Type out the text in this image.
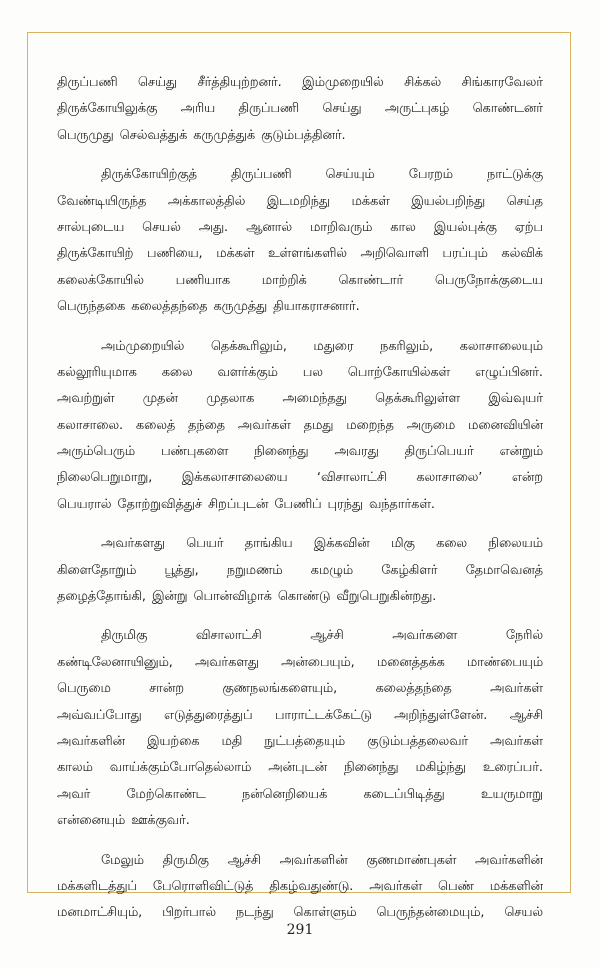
திருப்பணி செய்து சீர்த்தியுற்றனர். இம்முறையில் சிக்கல் சிங்காரவேலர்
திருக்கோயிலுக்கு அரிய திருப்பணி செய்து அருட்புகழ் கொண்டனர்
பெருமுது செல்வத்துக் கருமுத்துக் குடும்பத்தினர்.
திருக்கோயிற்குத்	திருப்பணி	செய்யும்	பேரறம்	நாட்டுக்கு
வேண்டியிருந்த அக்காலத்தில் இடமறிந்து மக்கள் இயல்பறிந்து செய்த
சால்புடைய செயல் அது. ஆனால் மாறிவரும் கால இயல்புக்கு ஏற்ப
திருக்கோயிற் பணியை, மக்கள் உள்ளங்களில் அறிவொளி பரப்பும் கல்விக்
கலைக்கோயில் பணியாக மாற்றிக் கொண்டார் பெருநோக்குடைய
பெருந்தகை கலைத்தந்தை கருமுத்து தியாகராசனார்.
அம்முறையில் தெக்கூரிலும், மதுரை நகரிலும், கலாசாலையும்
கல்லூரியுமாக கலை வளர்க்கும் பல பொற்கோயில்கள் எழுப்பினர்.
அவற்றுள் முதன் முதலாக அமைந்தது தெக்கூரிலுள்ள இவ்வுயர்
கலாசாலை. கலைத் தந்தை அவர்கள் தமது மறைந்த அருமை மனைவியின்
அரும்பெரும் பண்புகளை நினைந்து அவரது திருப்பெயர் என்றும்
நிலைபெறுமாறு, இக்கலாசாலையை ‘விசாலாட்சி கலாசாலை’ என்ற
பெயரால் தோற்றுவித்துச் சிறப்புடன் பேணிப் புரந்து வந்தார்கள்.
அவர்களது பெயர் தாங்கிய இக்கவின் மிகு கலை நிலையம்
கிளைதோறும் பூத்து, நறுமணம் கமழும் கேழ்கிளர் தேமாவெனத்
தழைத்தோங்கி, இன்று பொன்விழாக் கொண்டு வீறுபெறுகின்றது.
திருமிகு	விசாலாட்சி	ஆச்சி	அவர்களை	நேரில்
கண்டிலேனாயினும், அவர்களது அன்பையும், மனைத்தக்க மாண்பையும்
பெருமை	சான்ற	குணநலங்களையும்,	கலைத்தந்தை	அவர்கள்
அவ்வப்போது எடுத்துரைத்துப் பாராட்டக்கேட்டு அறிந்துள்ளேன். ஆச்சி
அவர்களின் இயற்கை மதி நுட்பத்தையும் குடும்பத்தலைவர் அவர்கள்
காலம் வாய்க்கும்போதெல்லாம் அன்புடன் நினைந்து மகிழ்ந்து உரைப்பர்.
அவர்	மேற்கொண்ட	நன்னெறியைக்	கடைப்பிடித்து	உயருமாறு
என்னையும் ஊக்குவர்.
மேலும் திருமிகு ஆச்சி அவர்களின் குணமாண்புகள் அவர்களின்
மக்களிடத்துப் பேரொளிவிட்டுத் திகழ்வதுண்டு. அவர்கள் பெண் மக்களின்
மனமாட்சியும், பிறர்பால் நடந்து கொள்ளும் பெருந்தன்மையும், செயல்
291
